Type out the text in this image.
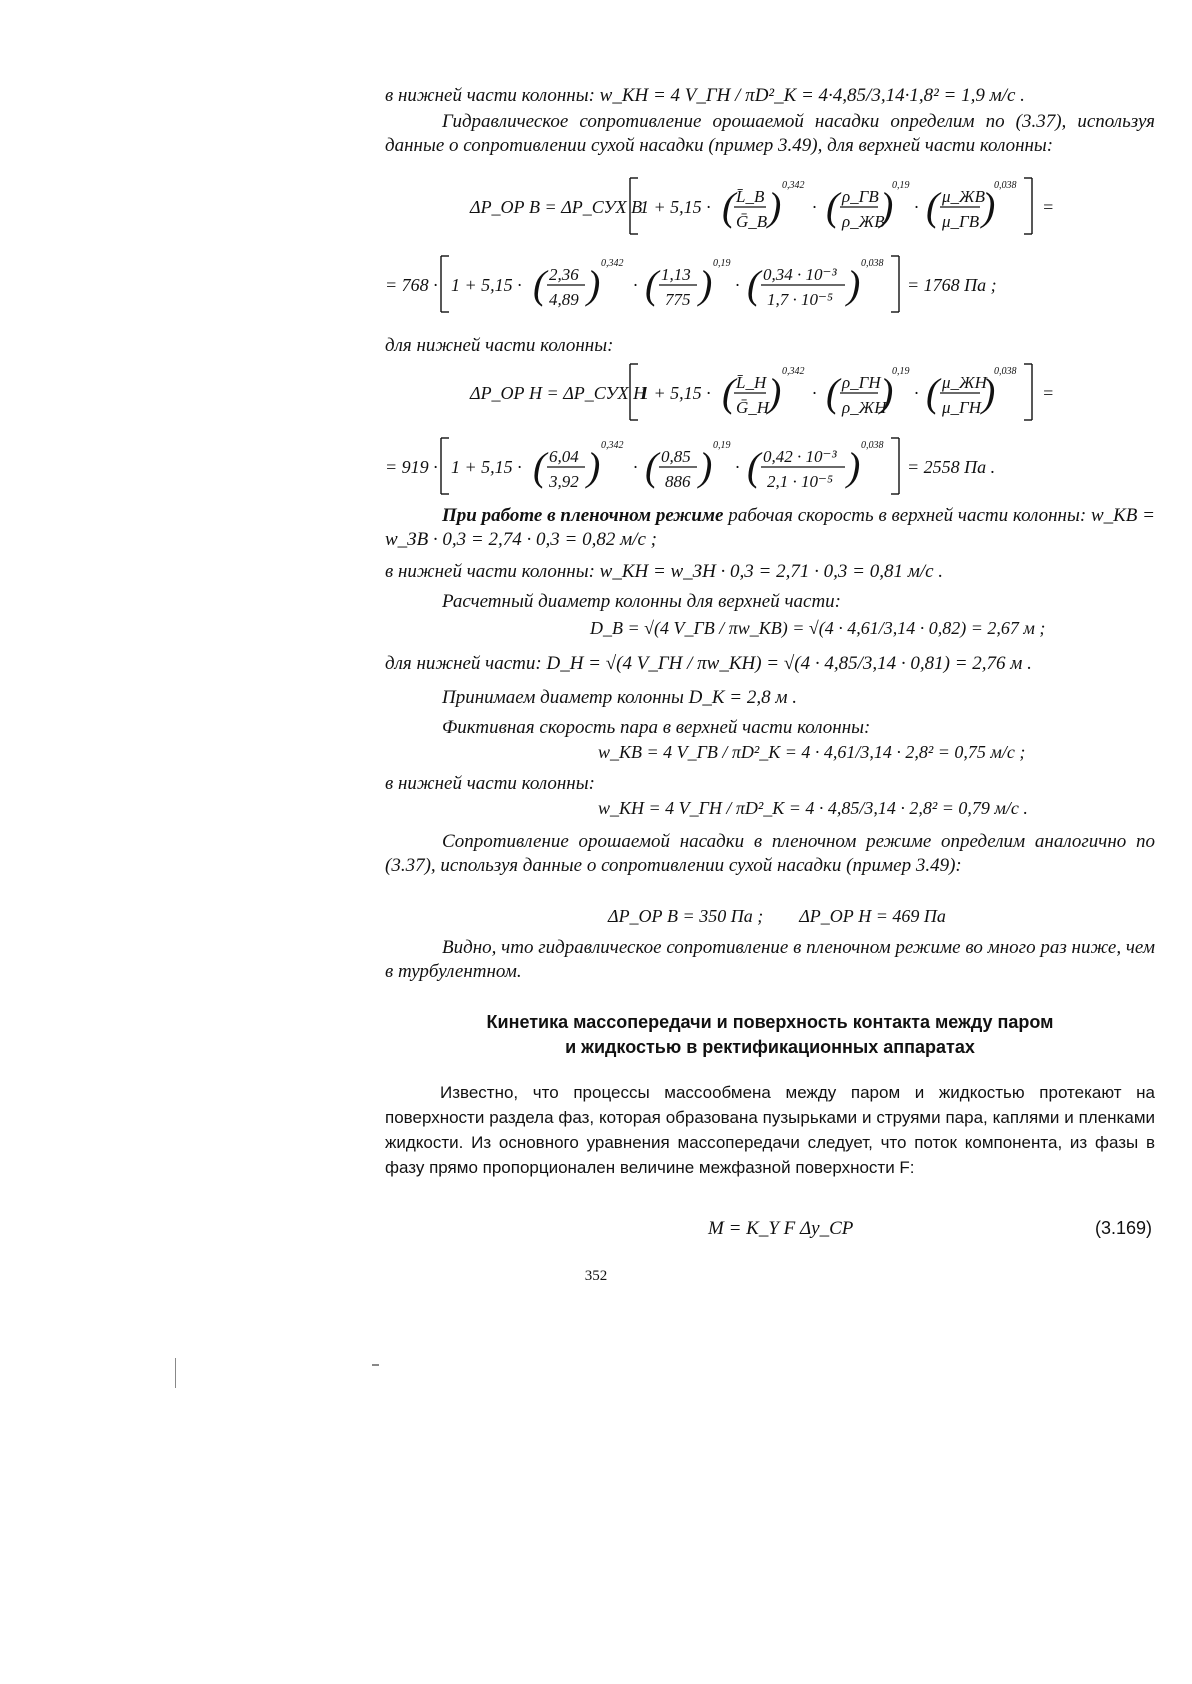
в нижней части колонны: w_КН = 4 V_ГН / πD²_К = 4·4,85/3,14·1,8² = 1,9 м/с .
Гидравлическое сопротивление орошаемой насадки определим по (3.37), используя данные о сопротивлении сухой насадки (пример 3.49), для верхней части колонны:
ΔP_ОР В = ΔP_СУХ В
1 + 5,15 · ( L̄_В
Ḡ_В ) 0,342
· ( ρ_ГВ
ρ_ЖВ
)
0,19
· ( μ_ЖВ
μ_ГВ )
0,038
=
= 768 · 1 + 5,15 · ( 2,36
4,89 ) 0,342
· ( 1,13
775 ) 0,19
· ( 0,34 · 10⁻³
1,7 · 10⁻⁵ ) 0,038
= 1768 Па ;
для нижней части колонны:
ΔP_ОР Н = ΔP_СУХ Н
1 + 5,15 · ( L̄_Н
Ḡ_Н
) 0,342
· ( ρ_ГН
ρ_ЖН
)
0,19
· ( μ_ЖН
μ_ГН )
0,038
=
= 919 · 1 + 5,15 · ( 6,04
3,92 ) 0,342
· ( 0,85
886 ) 0,19
· ( 0,42 · 10⁻³
2,1 · 10⁻⁵ ) 0,038
= 2558 Па .
При работе в пленочном режиме рабочая скорость в верхней части колонны: w_КВ = w_ЗВ · 0,3 = 2,74 · 0,3 = 0,82 м/с ;
в нижней части колонны: w_КН = w_ЗН · 0,3 = 2,71 · 0,3 = 0,81 м/с .
Расчетный диаметр колонны для верхней части:
D_В = √(4 V_ГВ / πw_КВ) = √(4 · 4,61/3,14 · 0,82) = 2,67 м ;
для нижней части: D_Н = √(4 V_ГН / πw_КН) = √(4 · 4,85/3,14 · 0,81) = 2,76 м .
Принимаем диаметр колонны D_К = 2,8 м .
Фиктивная скорость пара в верхней части колонны:
w_КВ = 4 V_ГВ / πD²_К = 4 · 4,61/3,14 · 2,8² = 0,75 м/с ;
в нижней части колонны:
w_КН = 4 V_ГН / πD²_К = 4 · 4,85/3,14 · 2,8² = 0,79 м/с .
Сопротивление орошаемой насадки в пленочном режиме определим аналогично по (3.37), используя данные о сопротивлении сухой насадки (пример 3.49):
ΔP_ОР В = 350 Па ;        ΔP_ОР Н = 469 Па
Видно, что гидравлическое сопротивление в пленочном режиме во много раз ниже, чем в турбулентном.
Кинетика массопередачи и поверхность контакта между паром
и жидкостью в ректификационных аппаратах
Известно, что процессы массообмена между паром и жидкостью протекают на поверхности раздела фаз, которая образована пузырьками и струями пара, каплями и пленками жидкости. Из основного уравнения массопередачи следует, что поток компонента, из фазы в фазу прямо пропорционален величине межфазной поверхности F:
M = K_Y F Δy_СР	(3.169)
352
